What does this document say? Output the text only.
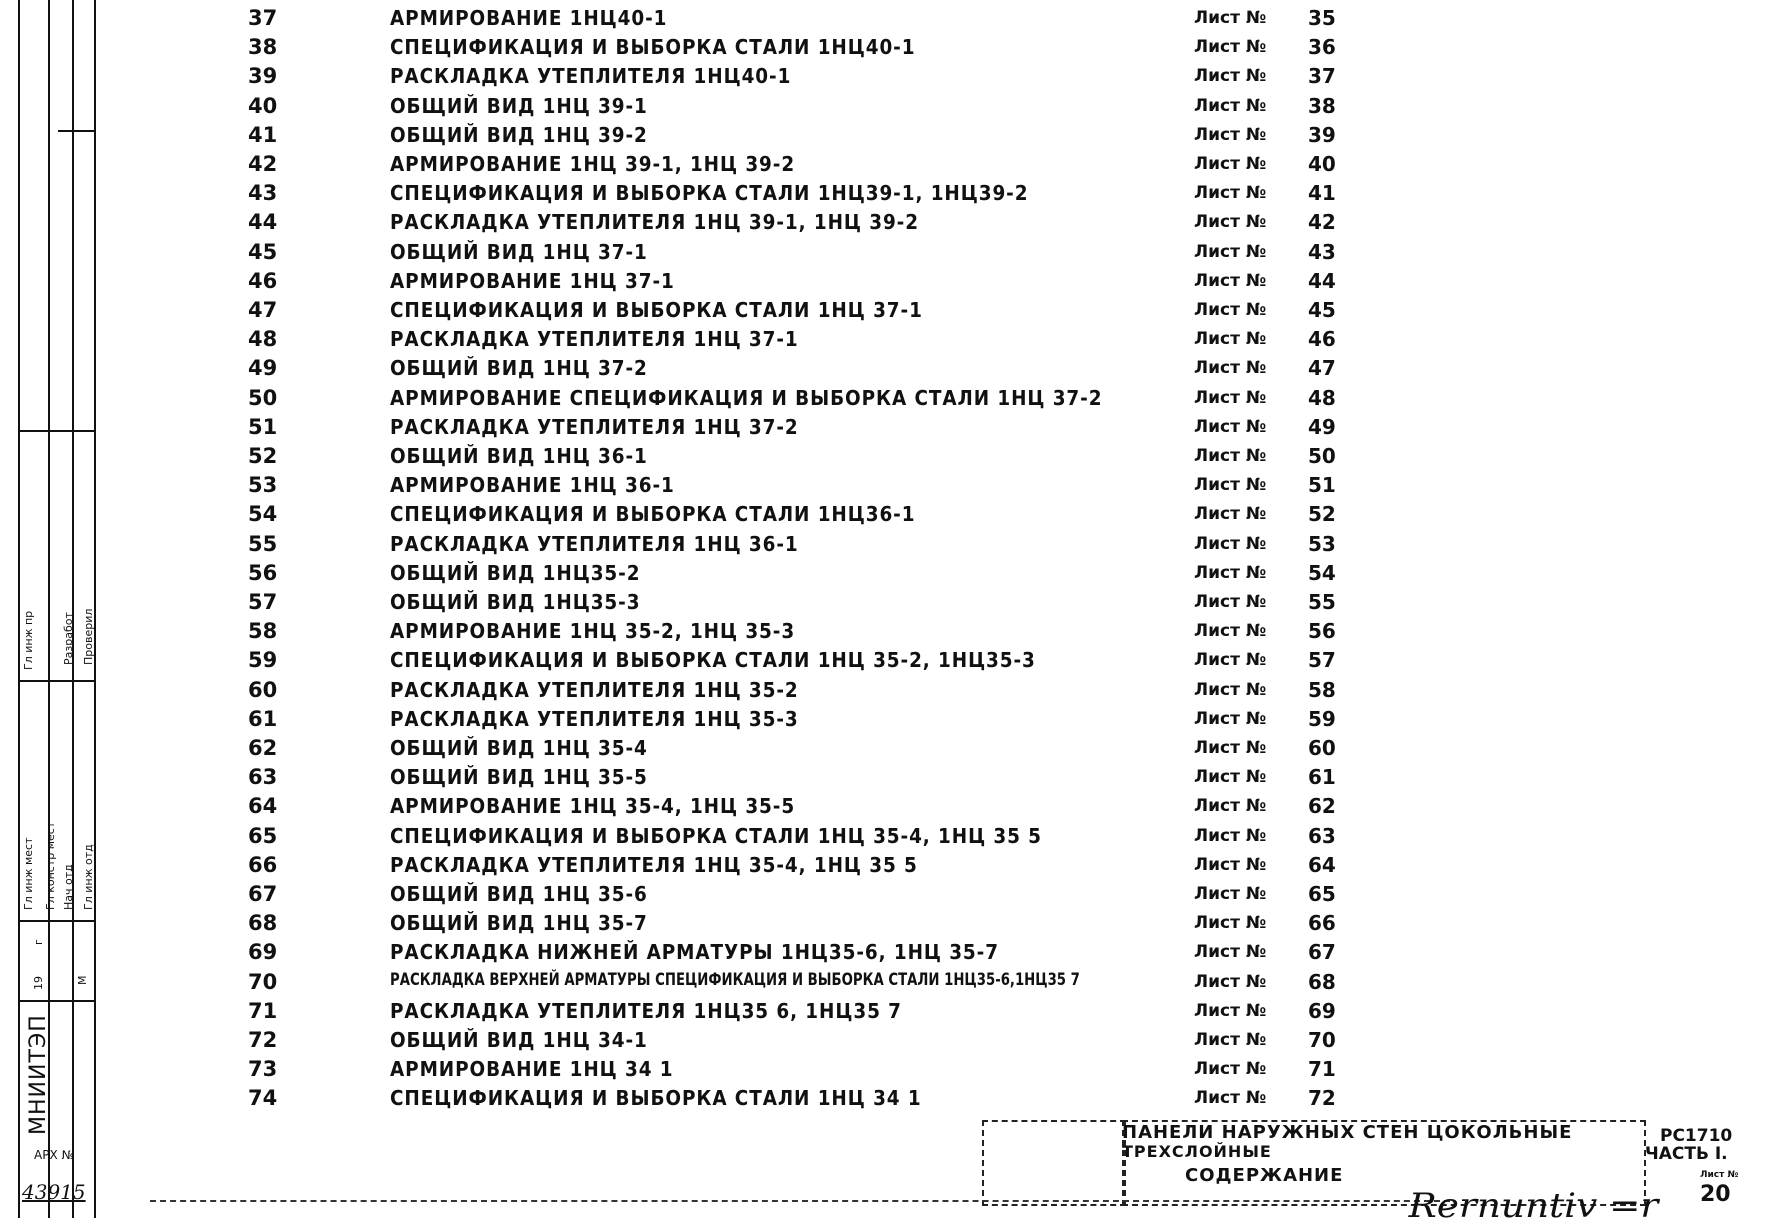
Гл инж пр Разработ Проверил
Гл инж мест Гл констр мест Нач отд Гл инж отд
19
г
М
МНИИТЭП
АРХ №
43915
37	АРМИРОВАНИЕ 1НЦ40-1	Лист № 35
38	СПЕЦИФИКАЦИЯ И ВЫБОРКА СТАЛИ 1НЦ40-1	Лист № 36
39	РАСКЛАДКА УТЕПЛИТЕЛЯ 1НЦ40-1	Лист № 37
40	ОБЩИЙ ВИД 1НЦ 39-1	Лист № 38
41	ОБЩИЙ ВИД 1НЦ 39-2	Лист № 39
42	АРМИРОВАНИЕ 1НЦ 39-1, 1НЦ 39-2	Лист № 40
43	СПЕЦИФИКАЦИЯ И ВЫБОРКА СТАЛИ 1НЦ39-1, 1НЦ39-2	Лист № 41
44	РАСКЛАДКА УТЕПЛИТЕЛЯ 1НЦ 39-1, 1НЦ 39-2	Лист № 42
45	ОБЩИЙ ВИД 1НЦ 37-1	Лист № 43
46	АРМИРОВАНИЕ 1НЦ 37-1	Лист № 44
47	СПЕЦИФИКАЦИЯ И ВЫБОРКА СТАЛИ 1НЦ 37-1	Лист № 45
48	РАСКЛАДКА УТЕПЛИТЕЛЯ 1НЦ 37-1	Лист № 46
49	ОБЩИЙ ВИД 1НЦ 37-2	Лист № 47
50	АРМИРОВАНИЕ СПЕЦИФИКАЦИЯ И ВЫБОРКА СТАЛИ 1НЦ 37-2	Лист № 48
51	РАСКЛАДКА УТЕПЛИТЕЛЯ 1НЦ 37-2	Лист № 49
52	ОБЩИЙ ВИД 1НЦ 36-1	Лист № 50
53	АРМИРОВАНИЕ 1НЦ 36-1	Лист № 51
54	СПЕЦИФИКАЦИЯ И ВЫБОРКА СТАЛИ 1НЦ36-1	Лист № 52
55	РАСКЛАДКА УТЕПЛИТЕЛЯ 1НЦ 36-1	Лист № 53
56	ОБЩИЙ ВИД 1НЦ35-2	Лист № 54
57	ОБЩИЙ ВИД 1НЦ35-3	Лист № 55
58	АРМИРОВАНИЕ 1НЦ 35-2, 1НЦ 35-3	Лист № 56
59	СПЕЦИФИКАЦИЯ И ВЫБОРКА СТАЛИ 1НЦ 35-2, 1НЦ35-3	Лист № 57
60	РАСКЛАДКА УТЕПЛИТЕЛЯ 1НЦ 35-2	Лист № 58
61	РАСКЛАДКА УТЕПЛИТЕЛЯ 1НЦ 35-3	Лист № 59
62	ОБЩИЙ ВИД 1НЦ 35-4	Лист № 60
63	ОБЩИЙ ВИД 1НЦ 35-5	Лист № 61
64	АРМИРОВАНИЕ 1НЦ 35-4, 1НЦ 35-5	Лист № 62
65	СПЕЦИФИКАЦИЯ И ВЫБОРКА СТАЛИ 1НЦ 35-4, 1НЦ 35 5	Лист № 63
66	РАСКЛАДКА УТЕПЛИТЕЛЯ 1НЦ 35-4, 1НЦ 35 5	Лист № 64
67	ОБЩИЙ ВИД 1НЦ 35-6	Лист № 65
68	ОБЩИЙ ВИД 1НЦ 35-7	Лист № 66
69	РАСКЛАДКА НИЖНЕЙ АРМАТУРЫ 1НЦ35-6, 1НЦ 35-7	Лист № 67
70	РАСКЛАДКА ВЕРХНЕЙ АРМАТУРЫ СПЕЦИФИКАЦИЯ И ВЫБОРКА СТАЛИ 1НЦ35-6,1НЦ35 7	Лист № 68
71	РАСКЛАДКА УТЕПЛИТЕЛЯ 1НЦ35 6, 1НЦ35 7	Лист № 69
72	ОБЩИЙ ВИД 1НЦ 34-1	Лист № 70
73	АРМИРОВАНИЕ 1НЦ 34 1	Лист № 71
74	СПЕЦИФИКАЦИЯ И ВЫБОРКА СТАЛИ 1НЦ 34 1	Лист № 72
ПАНЕЛИ НАРУЖНЫХ СТЕН ЦОКОЛЬНЫЕ
ТРЕХСЛОЙНЫЕ
СОДЕРЖАНИЕ
РС1710
ЧАСТЬ I.
Лист №
20
Rernuntiv =r
